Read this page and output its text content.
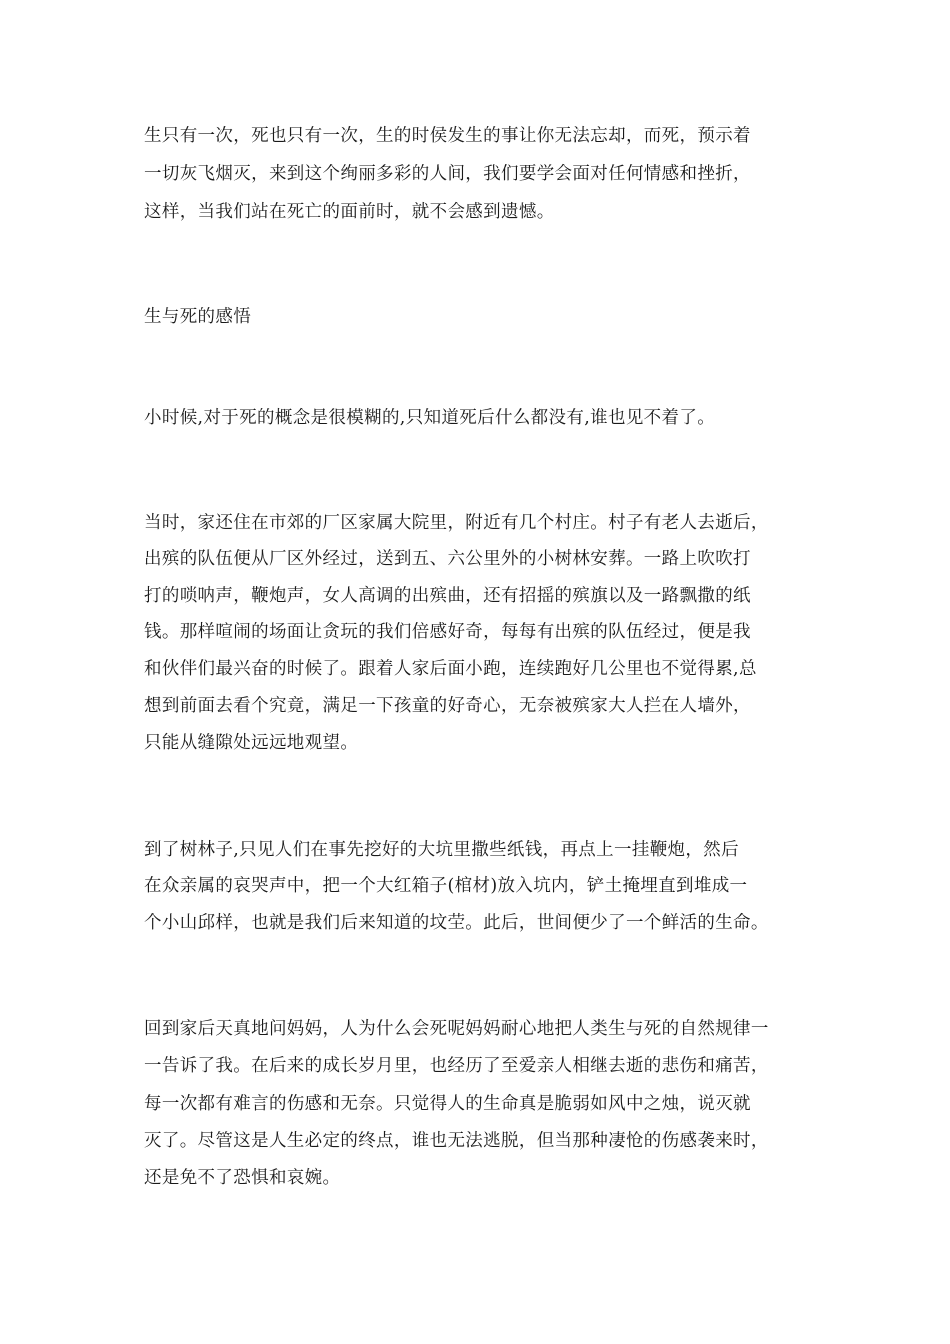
生只有一次，死也只有一次，生的时侯发生的事让你无法忘却，而死，预示着
一切灰飞烟灭，来到这个绚丽多彩的人间，我们要学会面对任何情感和挫折，
这样，当我们站在死亡的面前时，就不会感到遗憾。
生与死的感悟
小时候,对于死的概念是很模糊的,只知道死后什么都没有,谁也见不着了。
当时，家还住在市郊的厂区家属大院里，附近有几个村庄。村子有老人去逝后，
出殡的队伍便从厂区外经过，送到五、六公里外的小树林安葬。一路上吹吹打
打的唢呐声，鞭炮声，女人高调的出殡曲，还有招摇的殡旗以及一路飘撒的纸
钱。那样喧闹的场面让贪玩的我们倍感好奇，每每有出殡的队伍经过，便是我
和伙伴们最兴奋的时候了。跟着人家后面小跑，连续跑好几公里也不觉得累,总
想到前面去看个究竟，满足一下孩童的好奇心，无奈被殡家大人拦在人墙外，
只能从缝隙处远远地观望。
到了树林子,只见人们在事先挖好的大坑里撒些纸钱，再点上一挂鞭炮，然后
在众亲属的哀哭声中，把一个大红箱子(棺材)放入坑内，铲土掩埋直到堆成一
个小山邱样，也就是我们后来知道的坟茔。此后，世间便少了一个鲜活的生命。
回到家后天真地问妈妈，人为什么会死呢妈妈耐心地把人类生与死的自然规律一
一告诉了我。在后来的成长岁月里，也经历了至爱亲人相继去逝的悲伤和痛苦，
每一次都有难言的伤感和无奈。只觉得人的生命真是脆弱如风中之烛，说灭就
灭了。尽管这是人生必定的终点，谁也无法逃脱，但当那种凄怆的伤感袭来时，
还是免不了恐惧和哀婉。
